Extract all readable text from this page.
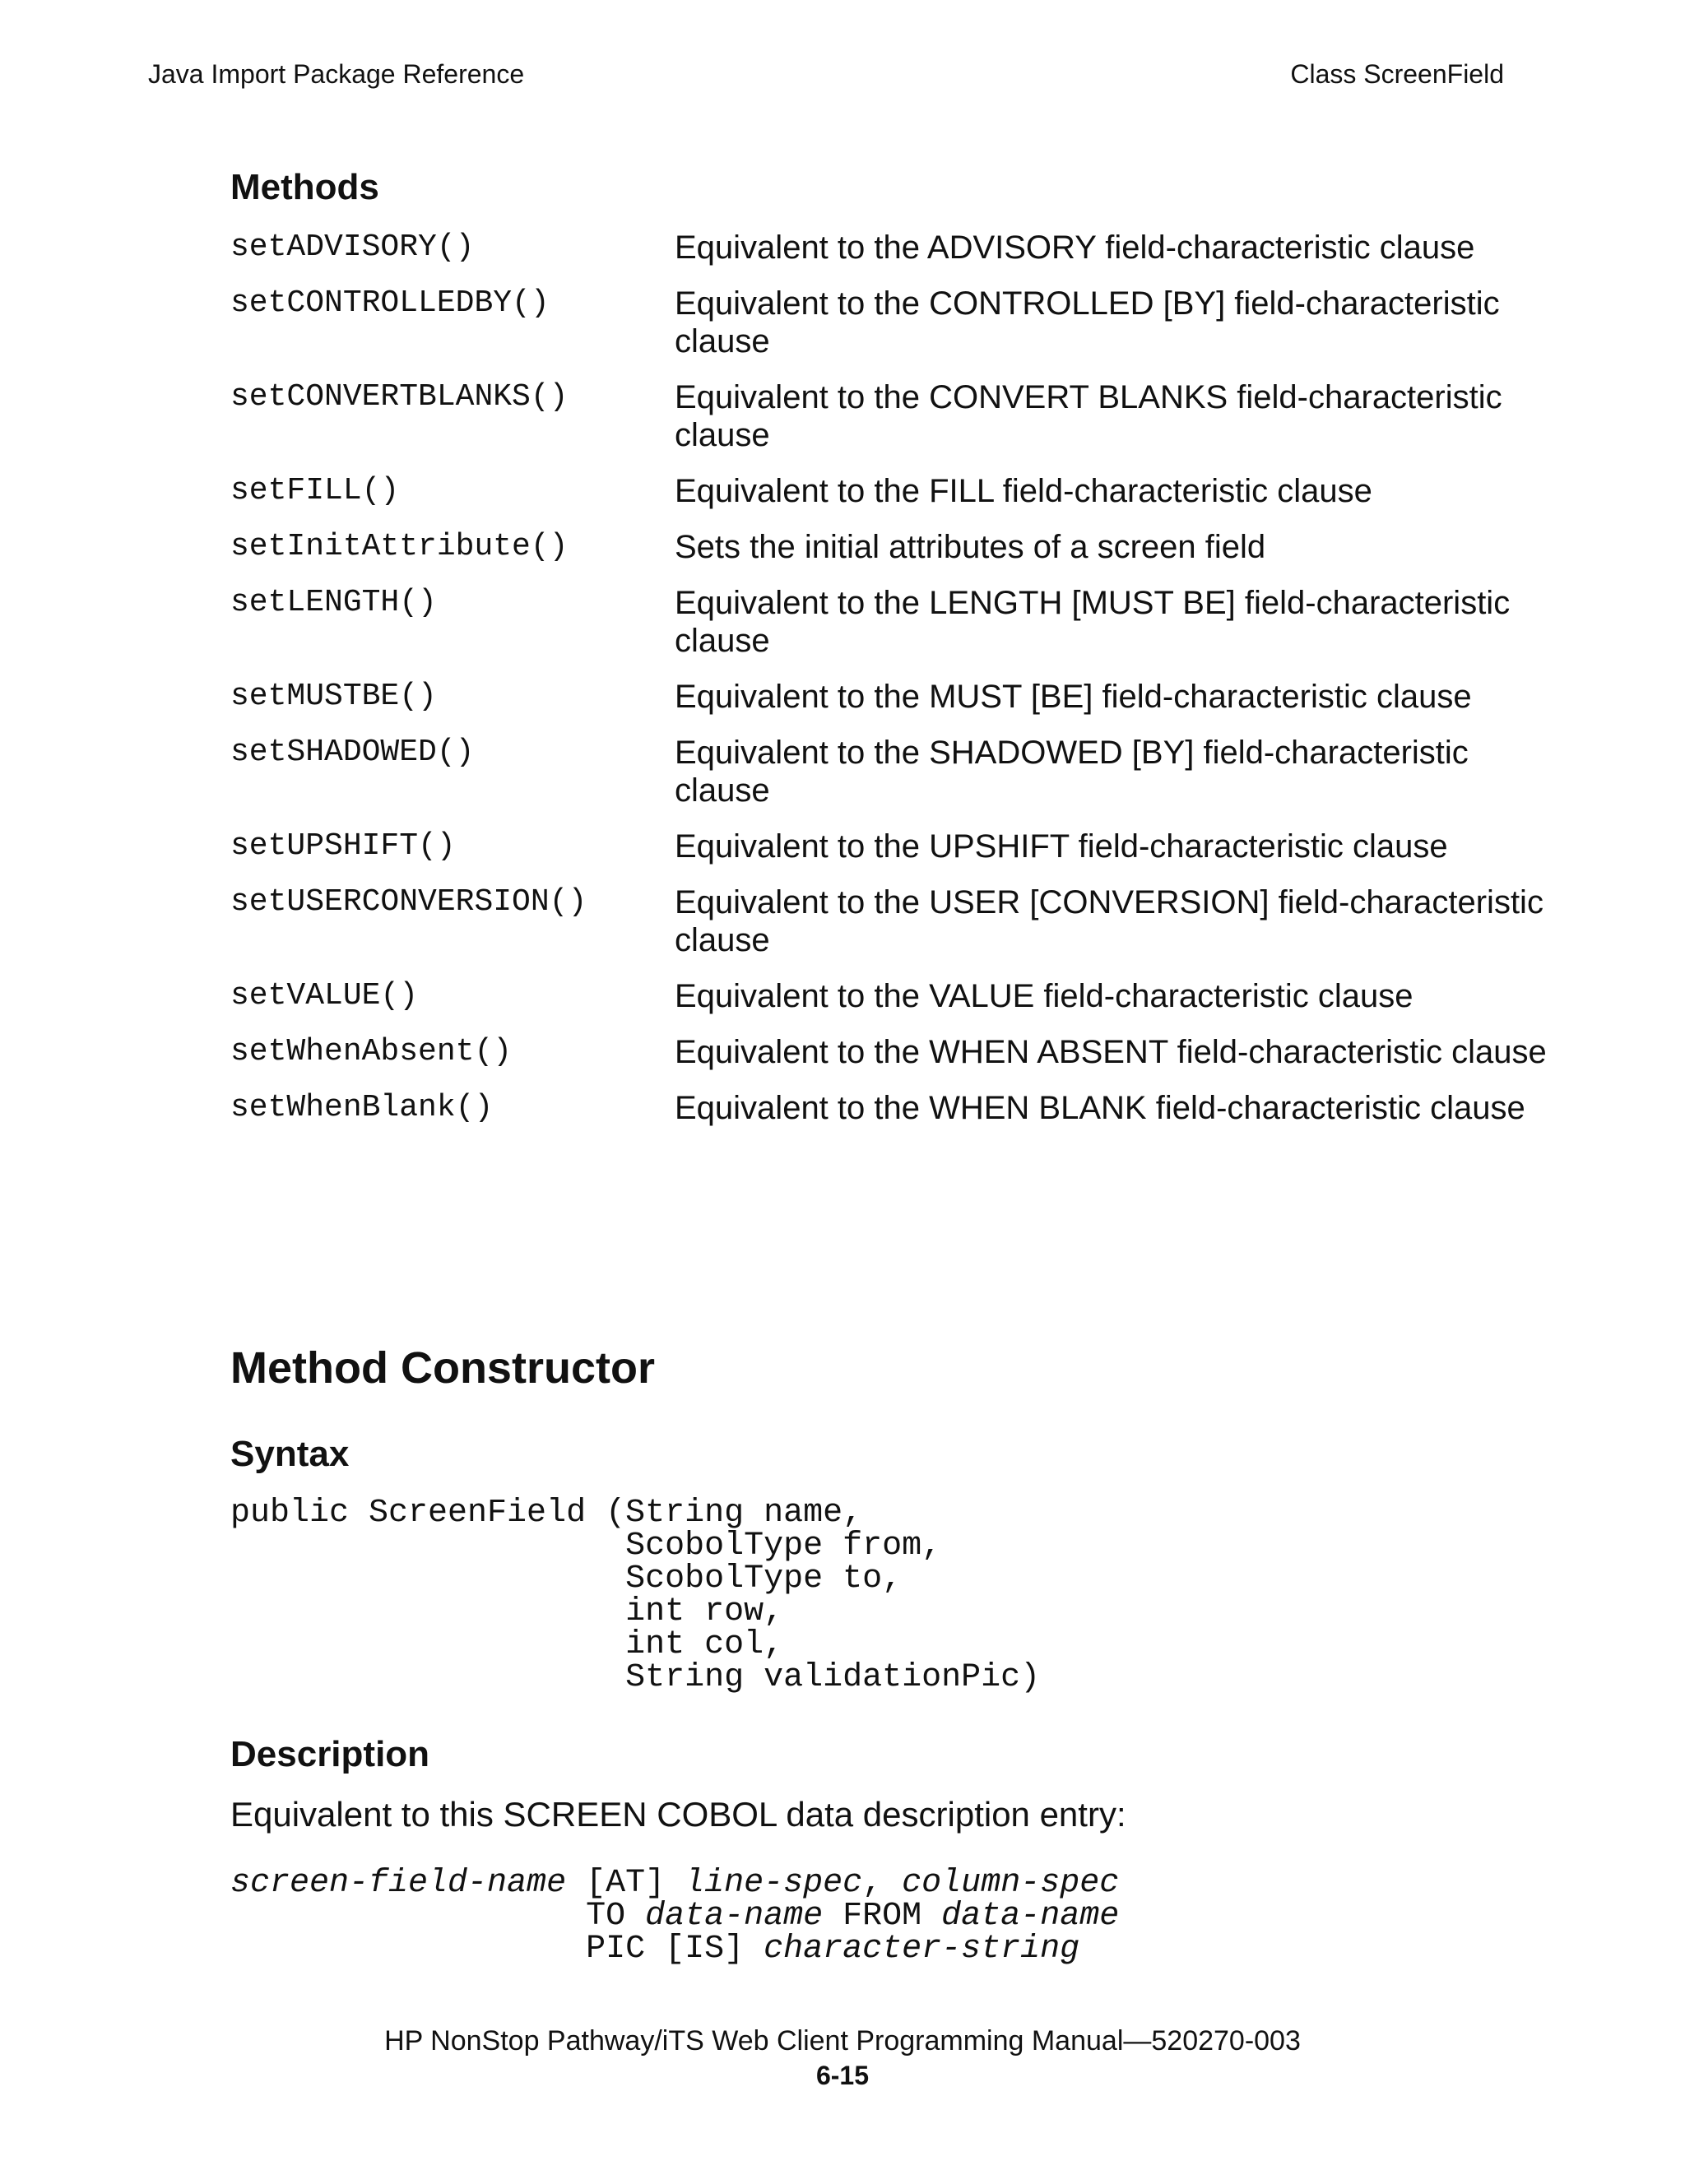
Java Import Package Reference	Class ScreenField
Methods
setADVISORY()	Equivalent to the ADVISORY field-characteristic clause
setCONTROLLEDBY()	Equivalent to the CONTROLLED [BY] field-characteristic clause
setCONVERTBLANKS()	Equivalent to the CONVERT BLANKS field-characteristic clause
setFILL()	Equivalent to the FILL field-characteristic clause
setInitAttribute()	Sets the initial attributes of a screen field
setLENGTH()	Equivalent to the LENGTH [MUST BE] field-characteristic clause
setMUSTBE()	Equivalent to the MUST [BE] field-characteristic clause
setSHADOWED()	Equivalent to the SHADOWED [BY] field-characteristic clause
setUPSHIFT()	Equivalent to the UPSHIFT field-characteristic clause
setUSERCONVERSION()	Equivalent to the USER [CONVERSION] field-characteristic clause
setVALUE()	Equivalent to the VALUE field-characteristic clause
setWhenAbsent()	Equivalent to the WHEN ABSENT field-characteristic clause
setWhenBlank()	Equivalent to the WHEN BLANK field-characteristic clause
Method Constructor
Syntax
public ScreenField (String name,
ScobolType from,
ScobolType to,
int row,
int col,
String validationPic)
Description

Equivalent to this SCREEN COBOL data description entry:

screen-field-name [AT] line-spec, column-spec
TO data-name FROM data-name
PIC [IS] character-string
HP NonStop Pathway/iTS Web Client Programming Manual—520270-003
6-15
